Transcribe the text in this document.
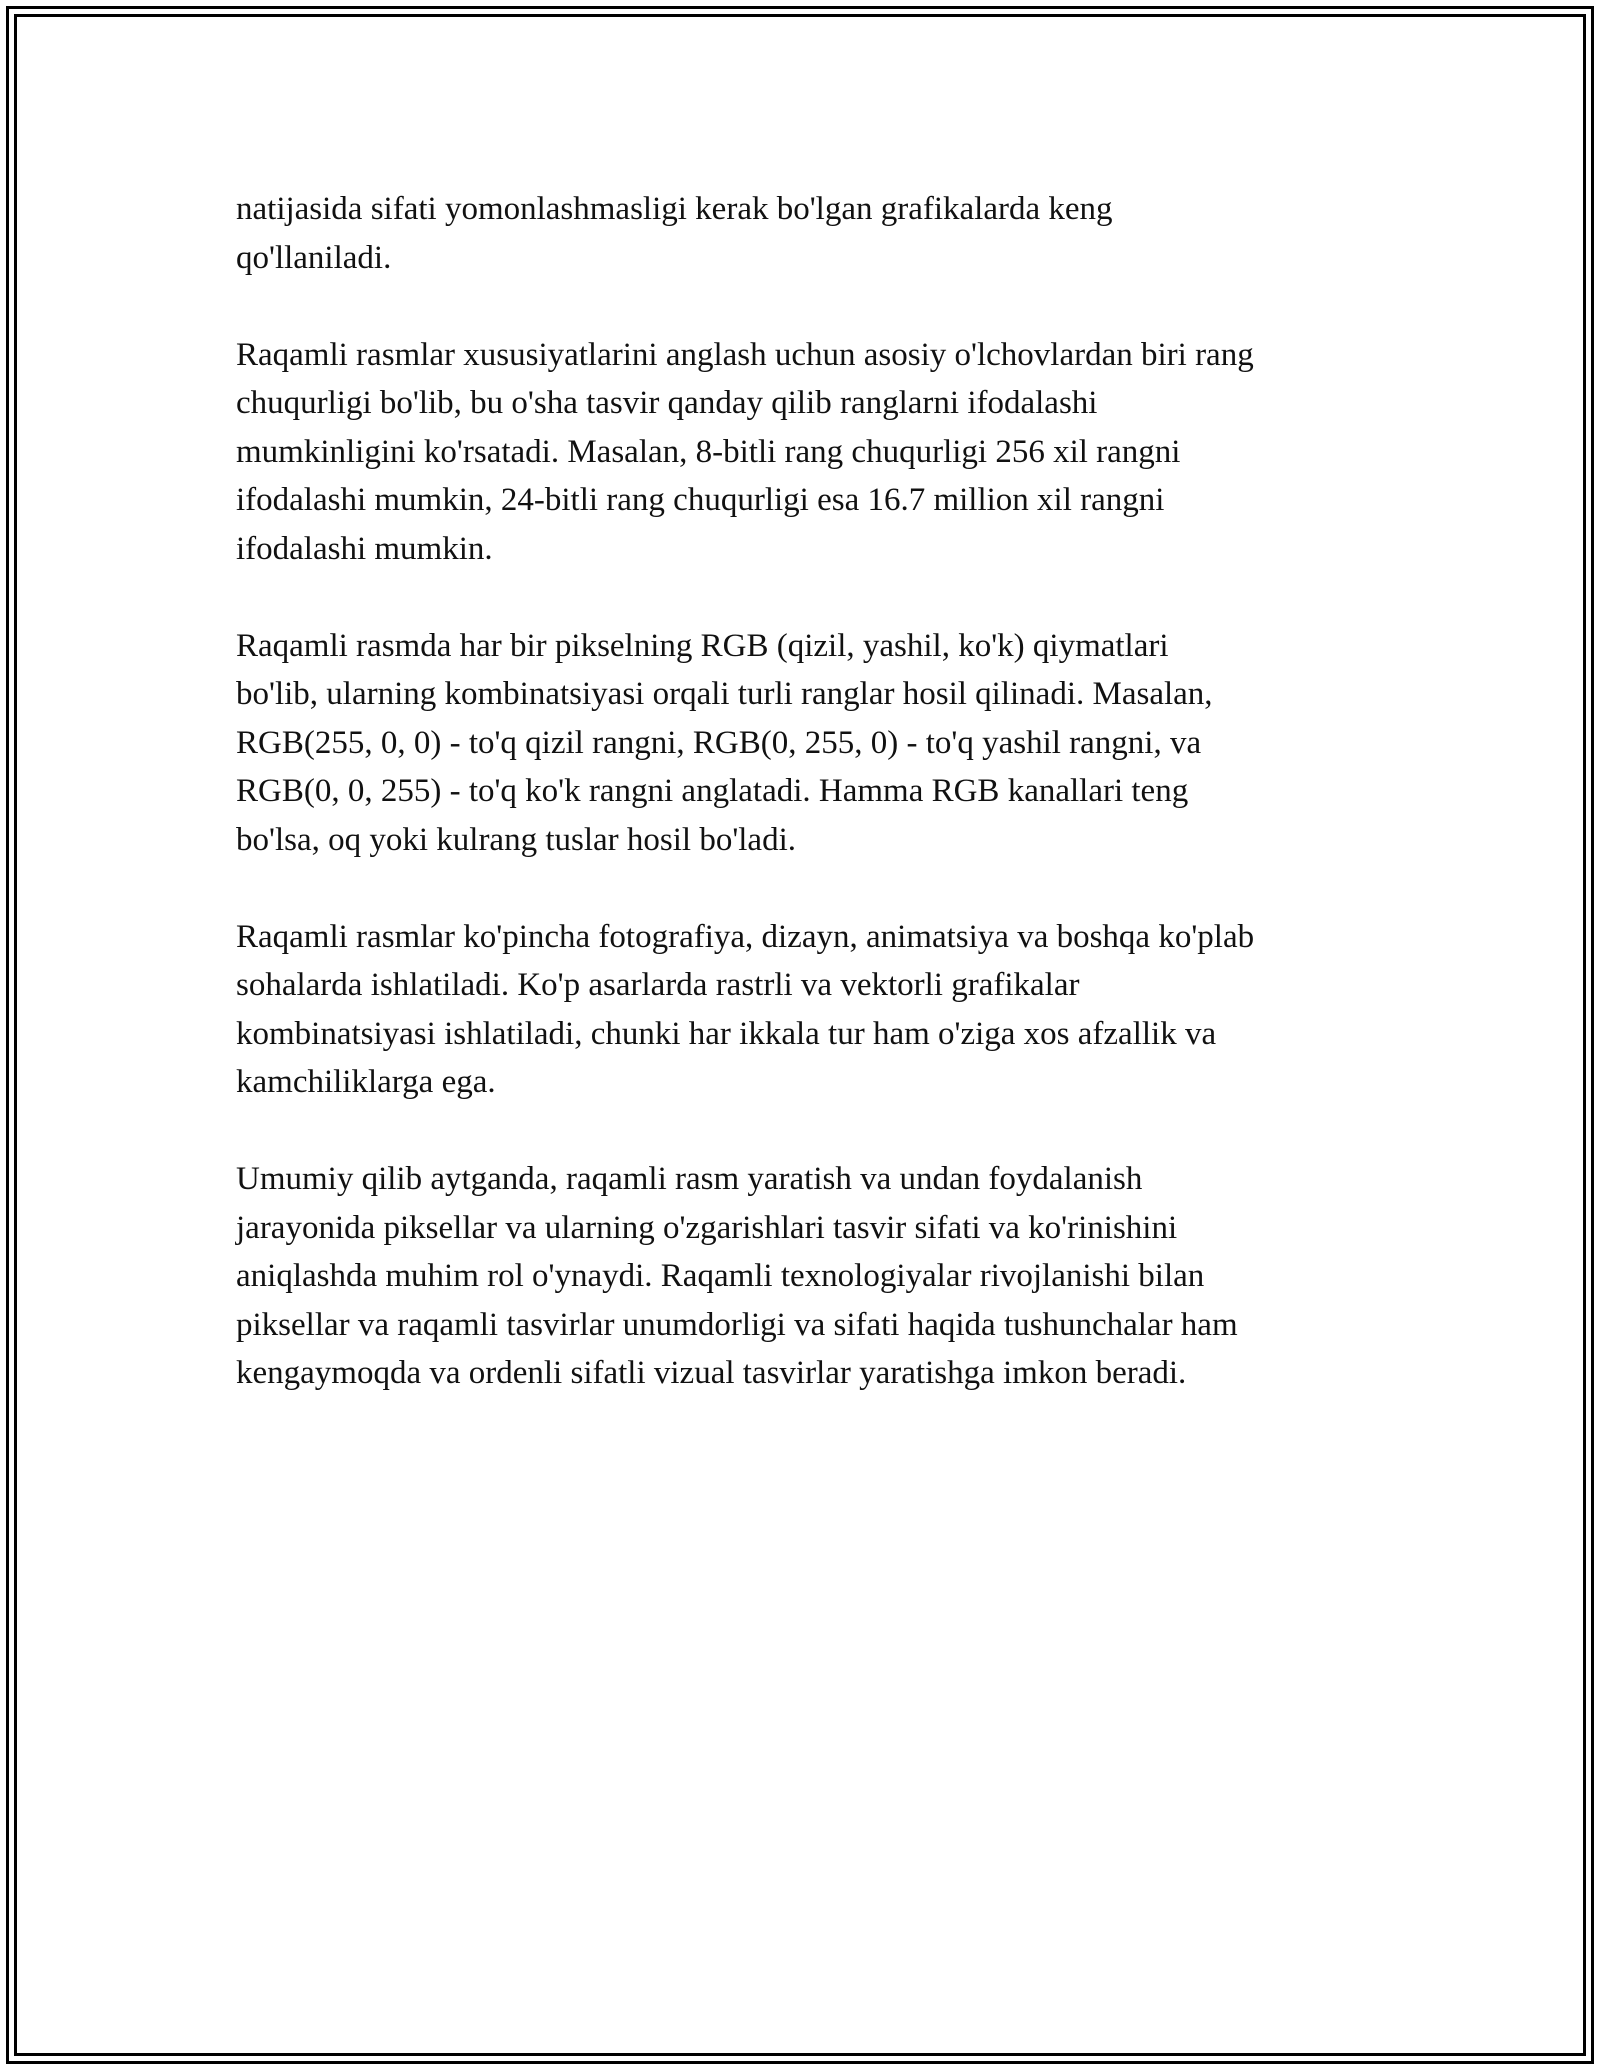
natijasida sifati yomonlashmasligi kerak bo'lgan grafikalarda keng
qo'llaniladi.

Raqamli rasmlar xususiyatlarini anglash uchun asosiy o'lchovlardan biri rang
chuqurligi bo'lib, bu o'sha tasvir qanday qilib ranglarni ifodalashi
mumkinligini ko'rsatadi. Masalan, 8-bitli rang chuqurligi 256 xil rangni
ifodalashi mumkin, 24-bitli rang chuqurligi esa 16.7 million xil rangni
ifodalashi mumkin.

Raqamli rasmda har bir pikselning RGB (qizil, yashil, ko'k) qiymatlari
bo'lib, ularning kombinatsiyasi orqali turli ranglar hosil qilinadi. Masalan,
RGB(255, 0, 0) - to'q qizil rangni, RGB(0, 255, 0) - to'q yashil rangni, va
RGB(0, 0, 255) - to'q ko'k rangni anglatadi. Hamma RGB kanallari teng
bo'lsa, oq yoki kulrang tuslar hosil bo'ladi.

Raqamli rasmlar ko'pincha fotografiya, dizayn, animatsiya va boshqa ko'plab
sohalarda ishlatiladi. Ko'p asarlarda rastrli va vektorli grafikalar
kombinatsiyasi ishlatiladi, chunki har ikkala tur ham o'ziga xos afzallik va
kamchiliklarga ega.

Umumiy qilib aytganda, raqamli rasm yaratish va undan foydalanish
jarayonida piksellar va ularning o'zgarishlari tasvir sifati va ko'rinishini
aniqlashda muhim rol o'ynaydi. Raqamli texnologiyalar rivojlanishi bilan
piksellar va raqamli tasvirlar unumdorligi va sifati haqida tushunchalar ham
kengaymoqda va ordenli sifatli vizual tasvirlar yaratishga imkon beradi.
